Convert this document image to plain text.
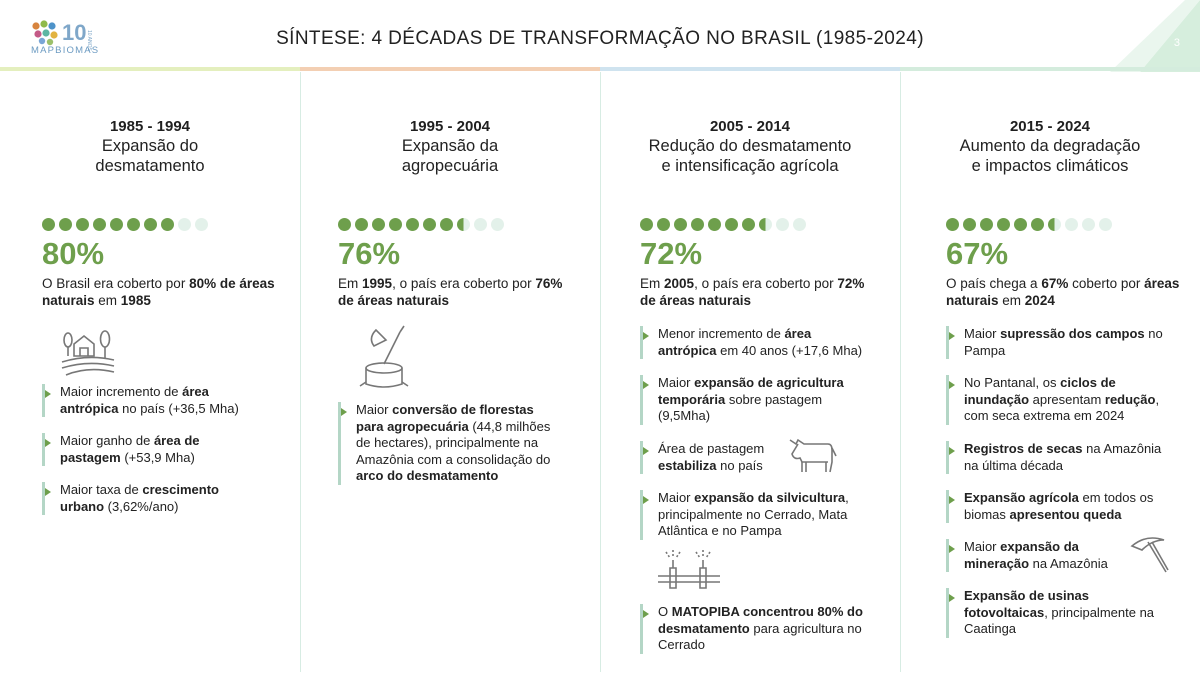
10 10 ANOS
MAPBIOMAS
SÍNTESE: 4 DÉCADAS DE TRANSFORMAÇÃO NO BRASIL (1985-2024)	3
1985 - 1994
Expansão do
desmatamento
80%
O Brasil era coberto por 80% de áreas naturais em 1985
Maior incremento de área antrópica no país (+36,5 Mha)
Maior ganho de área de pastagem (+53,9 Mha)
Maior taxa de crescimento urbano (3,62%/ano)
1995 - 2004
Expansão da
agropecuária
76%
Em 1995, o país era coberto por 76% de áreas naturais
Maior conversão de florestas para agropecuária (44,8 milhões de hectares), principalmente na Amazônia com a consolidação do arco do desmatamento
2005 - 2014
Redução do desmatamento
e intensificação agrícola
72%
Em 2005, o país era coberto por 72% de áreas naturais
Menor incremento de área antrópica em 40 anos (+17,6 Mha)
Maior expansão de agricultura temporária sobre pastagem (9,5Mha)
Área de pastagem estabiliza no país
Maior expansão da silvicultura, principalmente no Cerrado, Mata Atlântica e no Pampa
O MATOPIBA concentrou 80% do desmatamento para agricultura no Cerrado
2015 - 2024
Aumento da degradação
e impactos climáticos
67%
O país chega a 67% coberto por áreas naturais em 2024
Maior supressão dos campos no Pampa
No Pantanal, os ciclos de inundação apresentam redução, com seca extrema em 2024
Registros de secas na Amazônia na última década
Expansão agrícola em todos os biomas apresentou queda
Maior expansão da mineração na Amazônia
Expansão de usinas fotovoltaicas, principalmente na Caatinga
